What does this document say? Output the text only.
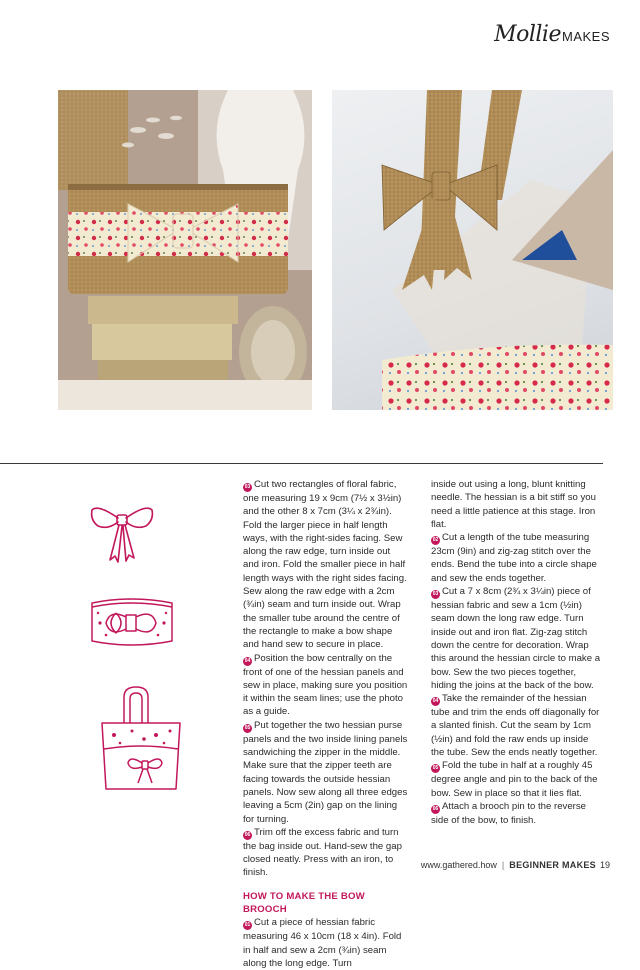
Mollie MAKES

03 Cut two rectangles of floral fabric, one measuring 19 x 9cm (7½ x 3½in) and the other 8 x 7cm (3¼ x 2¾in). Fold the larger piece in half length ways, with the right-sides facing. Sew along the raw edge, turn inside out and iron. Fold the smaller piece in half length ways with the right sides facing. Sew along the raw edge with a 2cm (¾in) seam and turn inside out. Wrap the smaller tube around the centre of the rectangle to make a bow shape and hand sew to secure in place.

04 Position the bow centrally on the front of one of the hessian panels and sew in place, making sure you position it within the seam lines; use the photo as a guide.

05 Put together the two hessian purse panels and the two inside lining panels sandwiching the zipper in the middle. Make sure that the zipper teeth are facing towards the outside hessian panels. Now sew along all three edges leaving a 5cm (2in) gap on the lining for turning.

06 Trim off the excess fabric and turn the bag inside out. Hand-sew the gap closed neatly. Press with an iron, to finish.

HOW TO MAKE THE BOW BROOCH

01 Cut a piece of hessian fabric measuring 46 x 10cm (18 x 4in). Fold in half and sew a 2cm (¾in) seam along the long edge. Turn

inside out using a long, blunt knitting needle. The hessian is a bit stiff so you need a little patience at this stage. Iron flat.

02 Cut a length of the tube measuring 23cm (9in) and zig-zag stitch over the ends. Bend the tube into a circle shape and sew the ends together.

03 Cut a 7 x 8cm (2¾ x 3¼in) piece of hessian fabric and sew a 1cm (½in) seam down the long raw edge. Turn inside out and iron flat. Zig-zag stitch down the centre for decoration. Wrap this around the hessian circle to make a bow. Sew the two pieces together, hiding the joins at the back of the bow.

04 Take the remainder of the hessian tube and trim the ends off diagonally for a slanted finish. Cut the seam by 1cm (½in) and fold the raw ends up inside the tube. Sew the ends neatly together.

05 Fold the tube in half at a roughly 45 degree angle and pin to the back of the bow. Sew in place so that it lies flat.

06 Attach a brooch pin to the reverse side of the bow, to finish.

www.gathered.how | BEGINNER MAKES 19
